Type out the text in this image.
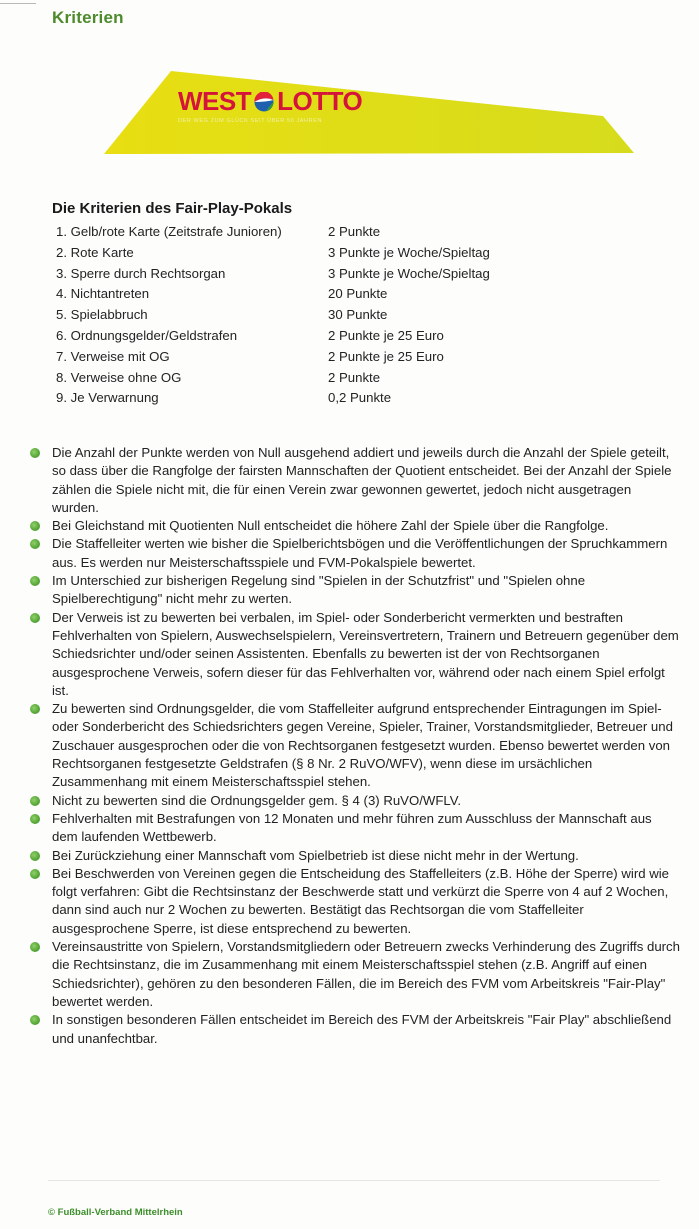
Kriterien
WEST LOTTO
DER WEG ZUM GLÜCK SEIT ÜBER 50 JAHREN
Die Kriterien des Fair-Play-Pokals
1. Gelb/rote Karte (Zeitstrafe Junioren)	2 Punkte
2. Rote Karte	3 Punkte je Woche/Spieltag
3. Sperre durch Rechtsorgan	3 Punkte je Woche/Spieltag
4. Nichtantreten	20 Punkte
5. Spielabbruch	30 Punkte
6. Ordnungsgelder/Geldstrafen	2 Punkte je 25 Euro
7. Verweise mit OG	2 Punkte je 25 Euro
8. Verweise ohne OG	2 Punkte
9. Je Verwarnung	0,2 Punkte
Die Anzahl der Punkte werden von Null ausgehend addiert und jeweils durch die Anzahl der Spiele geteilt, so dass über die Rangfolge der fairsten Mannschaften der Quotient entscheidet. Bei der Anzahl der Spiele zählen die Spiele nicht mit, die für einen Verein zwar gewonnen gewertet, jedoch nicht ausgetragen wurden.
Bei Gleichstand mit Quotienten Null entscheidet die höhere Zahl der Spiele über die Rangfolge.
Die Staffelleiter werten wie bisher die Spielberichtsbögen und die Veröffentlichungen der Spruchkammern aus. Es werden nur Meisterschaftsspiele und FVM-Pokalspiele bewertet.
Im Unterschied zur bisherigen Regelung sind "Spielen in der Schutzfrist" und "Spielen ohne Spielberechtigung" nicht mehr zu werten.
Der Verweis ist zu bewerten bei verbalen, im Spiel- oder Sonderbericht vermerkten und bestraften Fehlverhalten von Spielern, Auswechselspielern, Vereinsvertretern, Trainern und Betreuern gegenüber dem Schiedsrichter und/oder seinen Assistenten. Ebenfalls zu bewerten ist der von Rechtsorganen ausgesprochene Verweis, sofern dieser für das Fehlverhalten vor, während oder nach einem Spiel erfolgt ist.
Zu bewerten sind Ordnungsgelder, die vom Staffelleiter aufgrund entsprechender Eintragungen im Spiel- oder Sonderbericht des Schiedsrichters gegen Vereine, Spieler, Trainer, Vorstandsmitglieder, Betreuer und Zuschauer ausgesprochen oder die von Rechtsorganen festgesetzt wurden. Ebenso bewertet werden von Rechtsorganen festgesetzte Geldstrafen (§ 8 Nr. 2 RuVO/WFV), wenn diese im ursächlichen Zusammenhang mit einem Meisterschaftsspiel stehen.
Nicht zu bewerten sind die Ordnungsgelder gem. § 4 (3) RuVO/WFLV.
Fehlverhalten mit Bestrafungen von 12 Monaten und mehr führen zum Ausschluss der Mannschaft aus dem laufenden Wettbewerb.
Bei Zurückziehung einer Mannschaft vom Spielbetrieb ist diese nicht mehr in der Wertung.
Bei Beschwerden von Vereinen gegen die Entscheidung des Staffelleiters (z.B. Höhe der Sperre) wird wie folgt verfahren: Gibt die Rechtsinstanz der Beschwerde statt und verkürzt die Sperre von 4 auf 2 Wochen, dann sind auch nur 2 Wochen zu bewerten. Bestätigt das Rechtsorgan die vom Staffelleiter ausgesprochene Sperre, ist diese entsprechend zu bewerten.
Vereinsaustritte von Spielern, Vorstandsmitgliedern oder Betreuern zwecks Verhinderung des Zugriffs durch die Rechtsinstanz, die im Zusammenhang mit einem Meisterschaftsspiel stehen (z.B. Angriff auf einen Schiedsrichter), gehören zu den besonderen Fällen, die im Bereich des FVM vom Arbeitskreis "Fair-Play" bewertet werden.
In sonstigen besonderen Fällen entscheidet im Bereich des FVM der Arbeitskreis "Fair Play" abschließend und unanfechtbar.
© Fußball-Verband Mittelrhein
